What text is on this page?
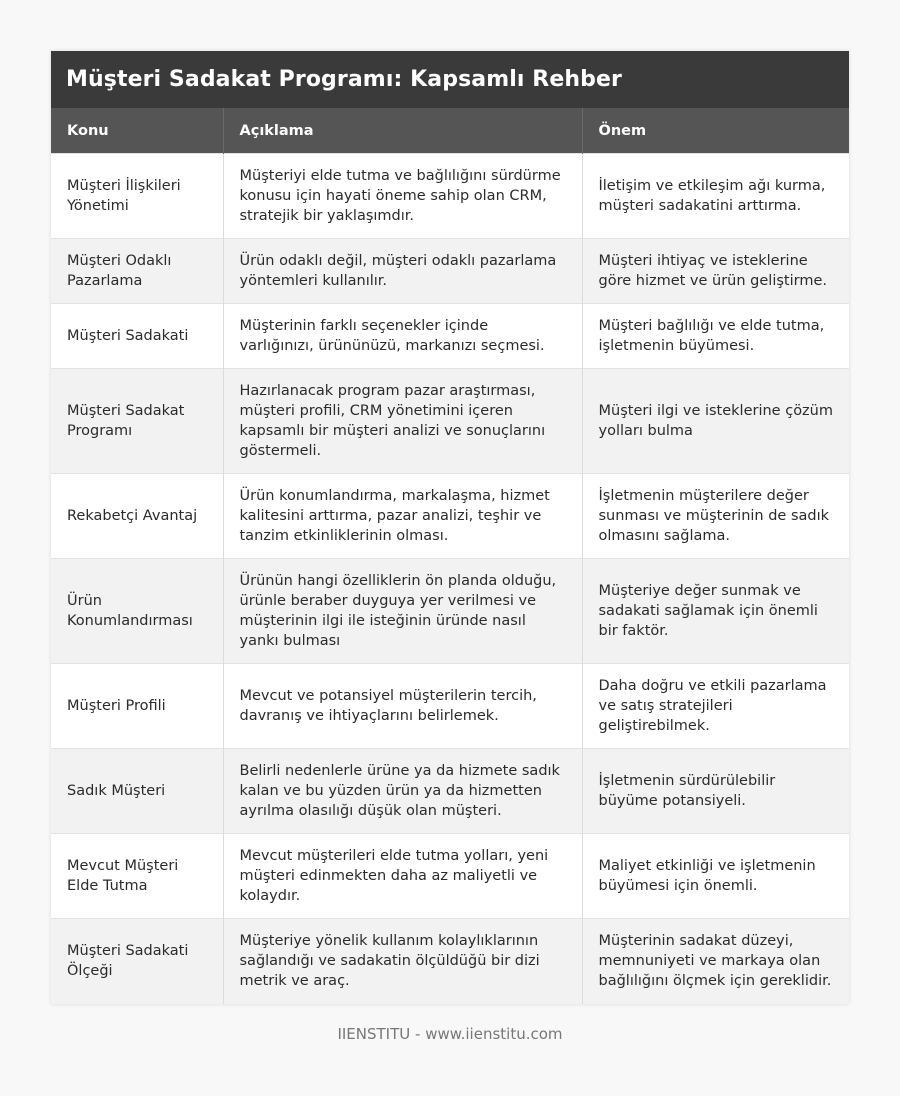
Müşteri Sadakat Programı: Kapsamlı Rehber
Konu	Açıklama	Önem
Müşteri İlişkileri Yönetimi	Müşteriyi elde tutma ve bağlılığını sürdürme konusu için hayati öneme sahip olan CRM, stratejik bir yaklaşımdır.	İletişim ve etkileşim ağı kurma, müşteri sadakatini arttırma.
Müşteri Odaklı Pazarlama	Ürün odaklı değil, müşteri odaklı pazarlama yöntemleri kullanılır.	Müşteri ihtiyaç ve isteklerine göre hizmet ve ürün geliştirme.
Müşteri Sadakati	Müşterinin farklı seçenekler içinde varlığınızı, ürününüzü, markanızı seçmesi.	Müşteri bağlılığı ve elde tutma, işletmenin büyümesi.
Müşteri Sadakat Programı	Hazırlanacak program pazar araştırması, müşteri profili, CRM yönetimini içeren kapsamlı bir müşteri analizi ve sonuçlarını göstermeli.	Müşteri ilgi ve isteklerine çözüm yolları bulma
Rekabetçi Avantaj	Ürün konumlandırma, markalaşma, hizmet kalitesini arttırma, pazar analizi, teşhir ve tanzim etkinliklerinin olması.	İşletmenin müşterilere değer sunması ve müşterinin de sadık olmasını sağlama.
Ürün Konumlandırması	Ürünün hangi özelliklerin ön planda olduğu, ürünle beraber duyguya yer verilmesi ve müşterinin ilgi ile isteğinin üründe nasıl yankı bulması	Müşteriye değer sunmak ve sadakati sağlamak için önemli bir faktör.
Müşteri Profili	Mevcut ve potansiyel müşterilerin tercih, davranış ve ihtiyaçlarını belirlemek.	Daha doğru ve etkili pazarlama ve satış stratejileri geliştirebilmek.
Sadık Müşteri	Belirli nedenlerle ürüne ya da hizmete sadık kalan ve bu yüzden ürün ya da hizmetten ayrılma olasılığı düşük olan müşteri.	İşletmenin sürdürülebilir büyüme potansiyeli.
Mevcut Müşteri Elde Tutma	Mevcut müşterileri elde tutma yolları, yeni müşteri edinmekten daha az maliyetli ve kolaydır.	Maliyet etkinliği ve işletmenin büyümesi için önemli.
Müşteri Sadakati Ölçeği	Müşteriye yönelik kullanım kolaylıklarının sağlandığı ve sadakatin ölçüldüğü bir dizi metrik ve araç.	Müşterinin sadakat düzeyi, memnuniyeti ve markaya olan bağlılığını ölçmek için gereklidir.
IIENSTITU - www.iienstitu.com
